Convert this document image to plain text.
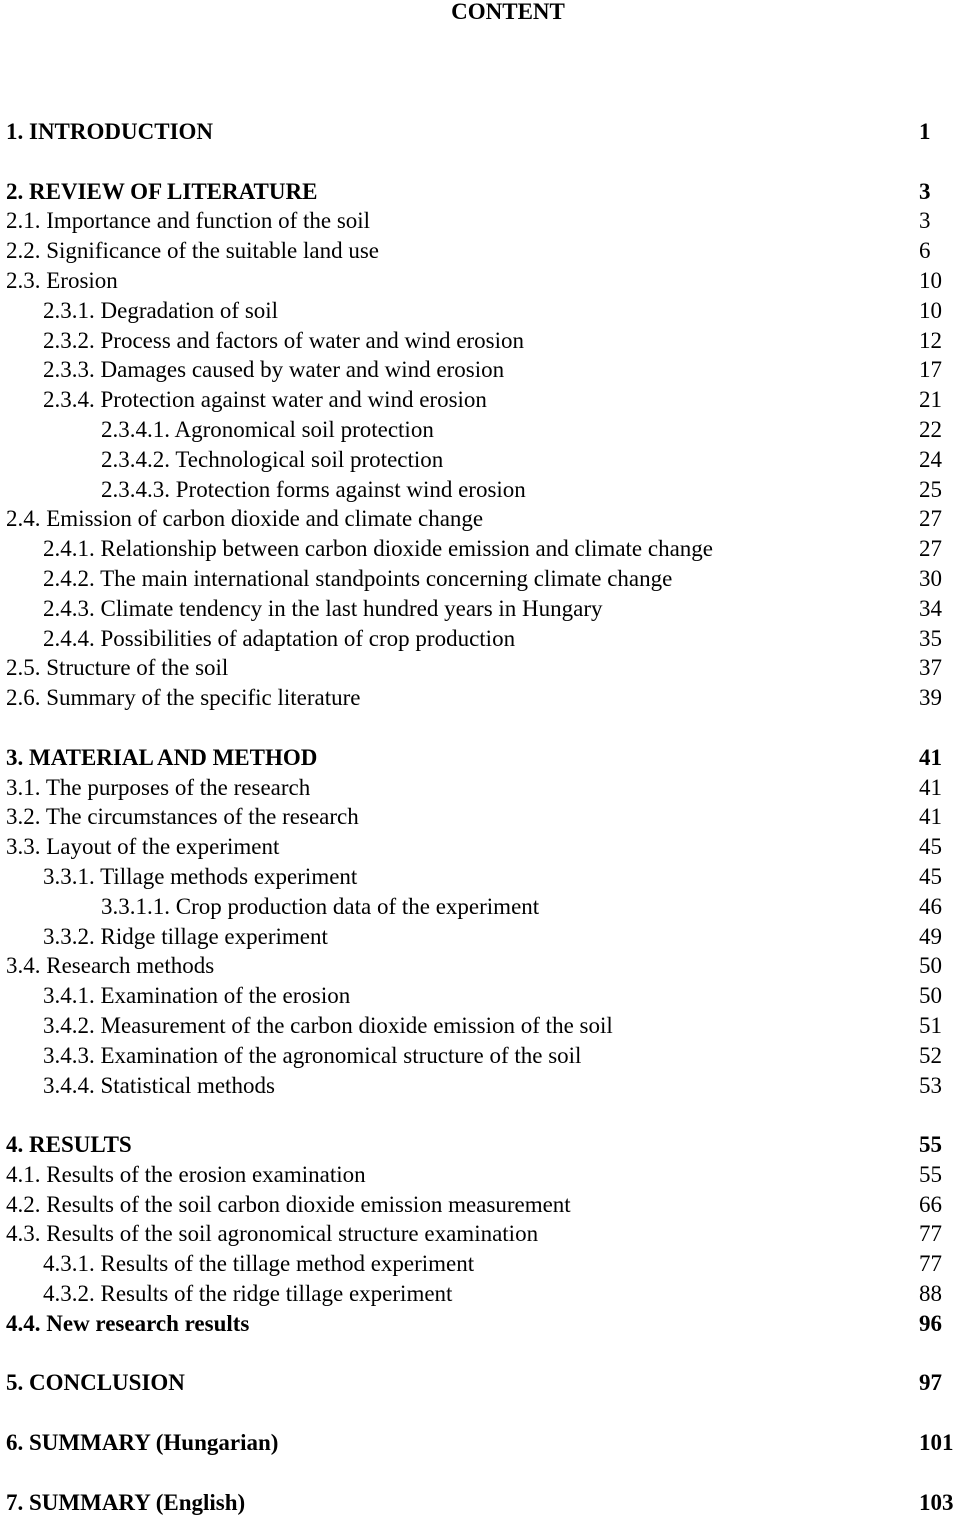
CONTENT
1. INTRODUCTION	1
2. REVIEW OF LITERATURE	3
2.1. Importance and function of the soil	3
2.2. Significance of the suitable land use	6
2.3. Erosion	10
2.3.1. Degradation of soil	10
2.3.2. Process and factors of water and wind erosion	12
2.3.3. Damages caused by water and wind erosion	17
2.3.4. Protection against water and wind erosion	21
2.3.4.1. Agronomical soil protection	22
2.3.4.2. Technological soil protection	24
2.3.4.3. Protection forms against wind erosion	25
2.4. Emission of carbon dioxide and climate change	27
2.4.1. Relationship between carbon dioxide emission and climate change	27
2.4.2. The main international standpoints concerning climate change	30
2.4.3. Climate tendency in the last hundred years in Hungary	34
2.4.4. Possibilities of adaptation of crop production	35
2.5. Structure of the soil	37
2.6. Summary of the specific literature	39
3. MATERIAL AND METHOD	41
3.1. The purposes of the research	41
3.2. The circumstances of the research	41
3.3. Layout of the experiment	45
3.3.1. Tillage methods experiment	45
3.3.1.1. Crop production data of the experiment	46
3.3.2. Ridge tillage experiment	49
3.4. Research methods	50
3.4.1. Examination of the erosion	50
3.4.2. Measurement of the carbon dioxide emission of the soil	51
3.4.3. Examination of the agronomical structure of the soil	52
3.4.4. Statistical methods	53
4. RESULTS	55
4.1. Results of the erosion examination	55
4.2. Results of the soil carbon dioxide emission measurement	66
4.3. Results of the soil agronomical structure examination	77
4.3.1. Results of the tillage method experiment	77
4.3.2. Results of the ridge tillage experiment	88
4.4. New research results	96
5. CONCLUSION	97
6. SUMMARY (Hungarian)	101
7. SUMMARY (English)	103
